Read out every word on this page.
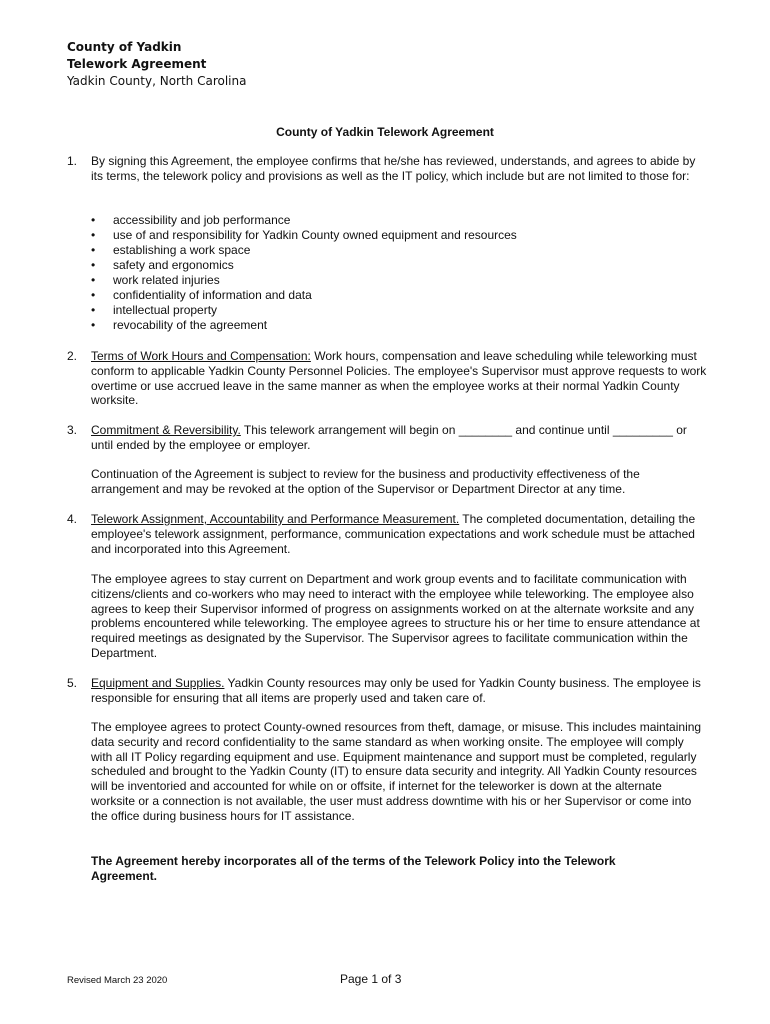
County of Yadkin
Telework Agreement
Yadkin County, North Carolina
County of Yadkin Telework Agreement
1.	By signing this Agreement, the employee confirms that he/she has reviewed, understands, and agrees to abide by its terms, the telework policy and provisions as well as the IT policy, which include but are not limited to those for:
• accessibility and job performance
• use of and responsibility for Yadkin County owned equipment and resources
• establishing a work space
• safety and ergonomics
• work related injuries
• confidentiality of information and data
• intellectual property
• revocability of the agreement
2.	Terms of Work Hours and Compensation: Work hours, compensation and leave scheduling while teleworking must conform to applicable Yadkin County Personnel Policies. The employee's Supervisor must approve requests to work overtime or use accrued leave in the same manner as when the employee works at their normal Yadkin County worksite.
3.	Commitment & Reversibility. This telework arrangement will begin on ________ and continue until _________ or until ended by the employee or employer.
Continuation of the Agreement is subject to review for the business and productivity effectiveness of the arrangement and may be revoked at the option of the Supervisor or Department Director at any time.
4.	Telework Assignment, Accountability and Performance Measurement. The completed documentation, detailing the employee's telework assignment, performance, communication expectations and work schedule must be attached and incorporated into this Agreement.
The employee agrees to stay current on Department and work group events and to facilitate communication with citizens/clients and co-workers who may need to interact with the employee while teleworking. The employee also agrees to keep their Supervisor informed of progress on assignments worked on at the alternate worksite and any problems encountered while teleworking. The employee agrees to structure his or her time to ensure attendance at required meetings as designated by the Supervisor. The Supervisor agrees to facilitate communication within the Department.
5.	Equipment and Supplies. Yadkin County resources may only be used for Yadkin County business. The employee is responsible for ensuring that all items are properly used and taken care of.
The employee agrees to protect County-owned resources from theft, damage, or misuse. This includes maintaining data security and record confidentiality to the same standard as when working onsite. The employee will comply with all IT Policy regarding equipment and use. Equipment maintenance and support must be completed, regularly scheduled and brought to the Yadkin County (IT) to ensure data security and integrity. All Yadkin County resources will be inventoried and accounted for while on or offsite, if internet for the teleworker is down at the alternate worksite or a connection is not available, the user must address downtime with his or her Supervisor or come into the office during business hours for IT assistance.
The Agreement hereby incorporates all of the terms of the Telework Policy into the Telework Agreement.
Revised March 23 2020	Page 1 of 3
